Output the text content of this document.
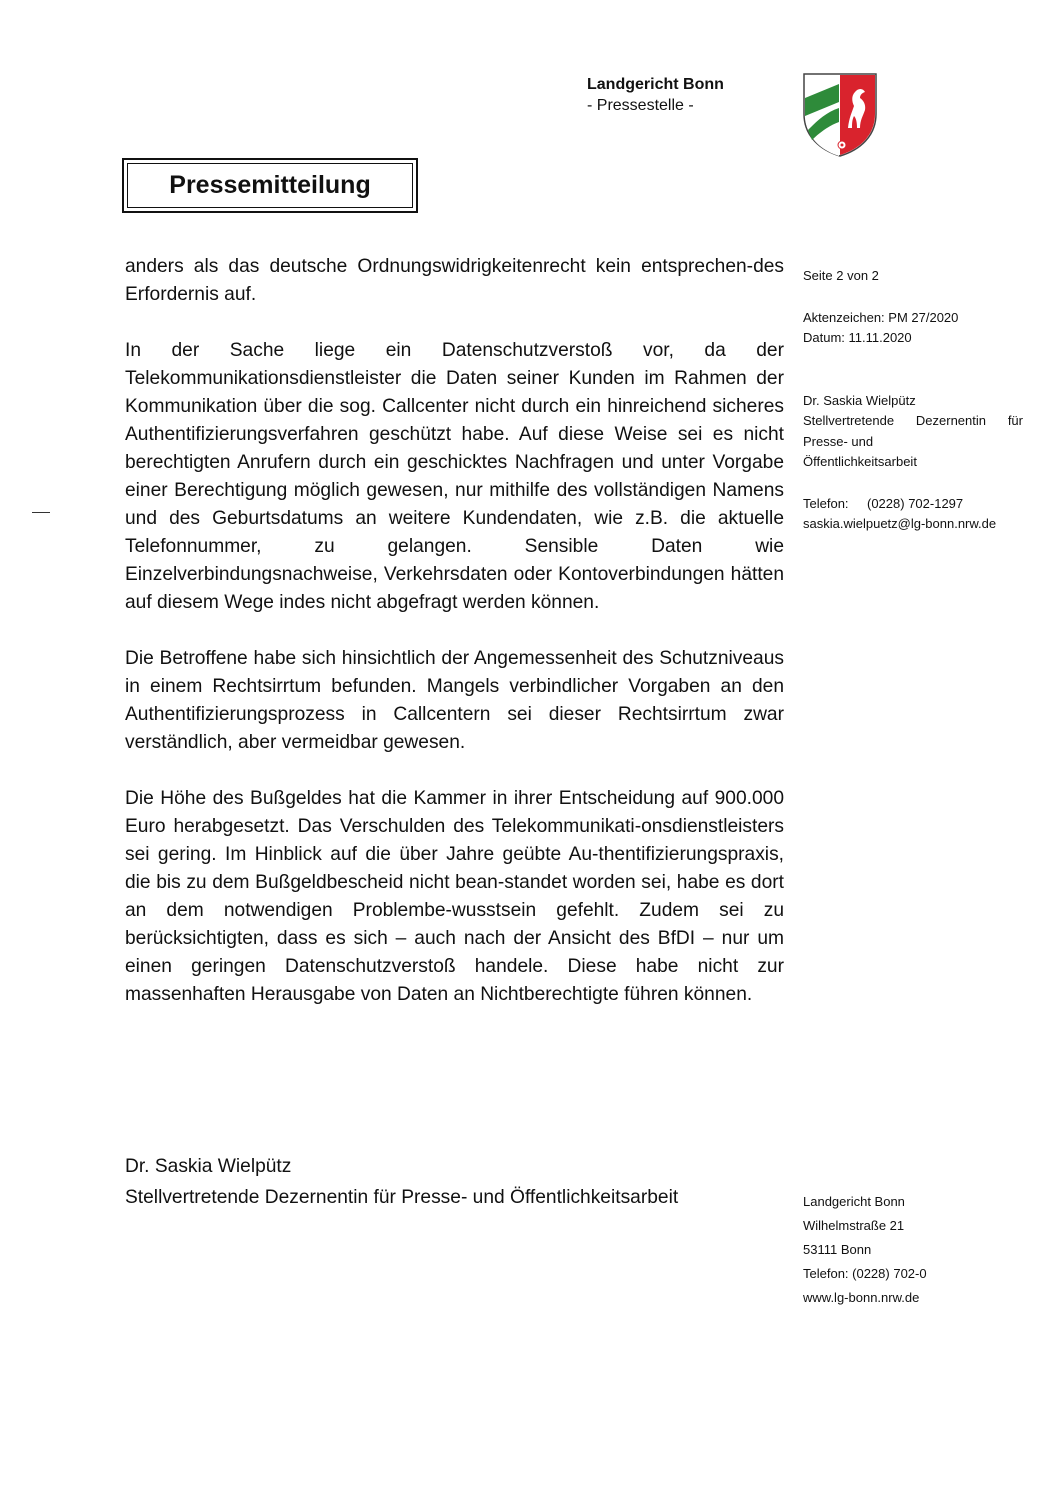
Landgericht Bonn
- Pressestelle -
Pressemitteilung

anders als das deutsche Ordnungswidrigkeitenrecht kein entsprechen-des Erfordernis auf.

In der Sache liege ein Datenschutzverstoß vor, da der Telekommunikationsdienstleister die Daten seiner Kunden im Rahmen der Kommunikation über die sog. Callcenter nicht durch ein hinreichend sicheres Authentifizierungsverfahren geschützt habe. Auf diese Weise sei es nicht berechtigten Anrufern durch ein geschicktes Nachfragen und unter Vorgabe einer Berechtigung möglich gewesen, nur mithilfe des vollständigen Namens und des Geburtsdatums an weitere Kundendaten, wie z.B. die aktuelle Telefonnummer, zu gelangen. Sensible Daten wie Einzelverbindungsnachweise, Verkehrsdaten oder Kontoverbindungen hätten auf diesem Wege indes nicht abgefragt werden können.

Die Betroffene habe sich hinsichtlich der Angemessenheit des Schutzniveaus in einem Rechtsirrtum befunden. Mangels verbindlicher Vorgaben an den Authentifizierungsprozess in Callcentern sei dieser Rechtsirrtum zwar verständlich, aber vermeidbar gewesen.

Die Höhe des Bußgeldes hat die Kammer in ihrer Entscheidung auf 900.000 Euro herabgesetzt. Das Verschulden des Telekommunikati-onsdienstleisters sei gering. Im Hinblick auf die über Jahre geübte Au-thentifizierungspraxis, die bis zu dem Bußgeldbescheid nicht bean-standet worden sei, habe es dort an dem notwendigen Problembe-wusstsein gefehlt. Zudem sei zu berücksichtigten, dass es sich – auch nach der Ansicht des BfDI – nur um einen geringen Datenschutzverstoß handele. Diese habe nicht zur massenhaften Herausgabe von Daten an Nichtberechtigte führen können.

Seite 2 von 2
Aktenzeichen: PM 27/2020
Datum: 11.11.2020
Dr. Saskia Wielpütz
Stellvertretende Dezernentin für
Presse- und
Öffentlichkeitsarbeit
Telefon: (0228) 702-1297
saskia.wielpuetz@lg-bonn.nrw.de
Dr. Saskia Wielpütz
Stellvertretende Dezernentin für Presse- und Öffentlichkeitsarbeit	Landgericht Bonn
Wilhelmstraße 21
53111 Bonn
Telefon: (0228) 702-0
www.lg-bonn.nrw.de
